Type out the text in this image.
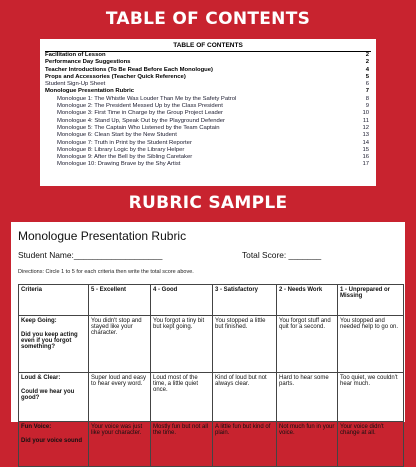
TABLE OF CONTENTS
TABLE OF CONTENTS
Facilitation of Lesson	2
Performance Day Suggestions	2
Teacher Introductions (To Be Read Before Each Monologue)	4
Props and Accessories (Teacher Quick Reference)	5
Student Sign-Up Sheet	6
Monologue Presentation Rubric	7
Monologue 1: The Whistle Was Louder Than Me by the Safety Patrol	8
Monologue 2: The President Messed Up by the Class President	9
Monologue 3: First Time in Charge by the Group Project Leader	10
Monologue 4: Stand Up, Speak Out by the Playground Defender	11
Monologue 5: The Captain Who Listened by the Team Captain	12
Monologue 6: Clean Start by the New Student	13
Monologue 7: Truth in Print by the Student Reporter	14
Monologue 8: Library Logic by the Library Helper	15
Monologue 9: After the Bell by the Sibling Caretaker	16
Monologue 10: Drawing Brave by the Shy Artist	17
RUBRIC SAMPLE
Monologue Presentation Rubric
Student Name:___________________	Total Score: _______
Directions: Circle 1 to 5 for each criteria then write the total score above.
Criteria	5 - Excellent	4 - Good	3 - Satisfactory	2 - Needs Work	1 - Unprepared or Missing
Keep Going:
Did you keep acting even if you forgot something?	You didn't stop and stayed like your character.	You forgot a tiny bit but kept going.	You stopped a little but finished.	You forgot stuff and quit for a second.	You stopped and needed help to go on.
Loud & Clear:
Could we hear you good?	Super loud and easy to hear every word.	Loud most of the time, a little quiet once.	Kind of loud but not always clear.	Hard to hear some parts.	Too quiet, we couldn't hear much.
Fun Voice:
Did your voice sound	Your voice was just like your character.	Mostly fun but not all the time.	A little fun but kind of plain.	Not much fun in your voice.	Your voice didn't change at all.
